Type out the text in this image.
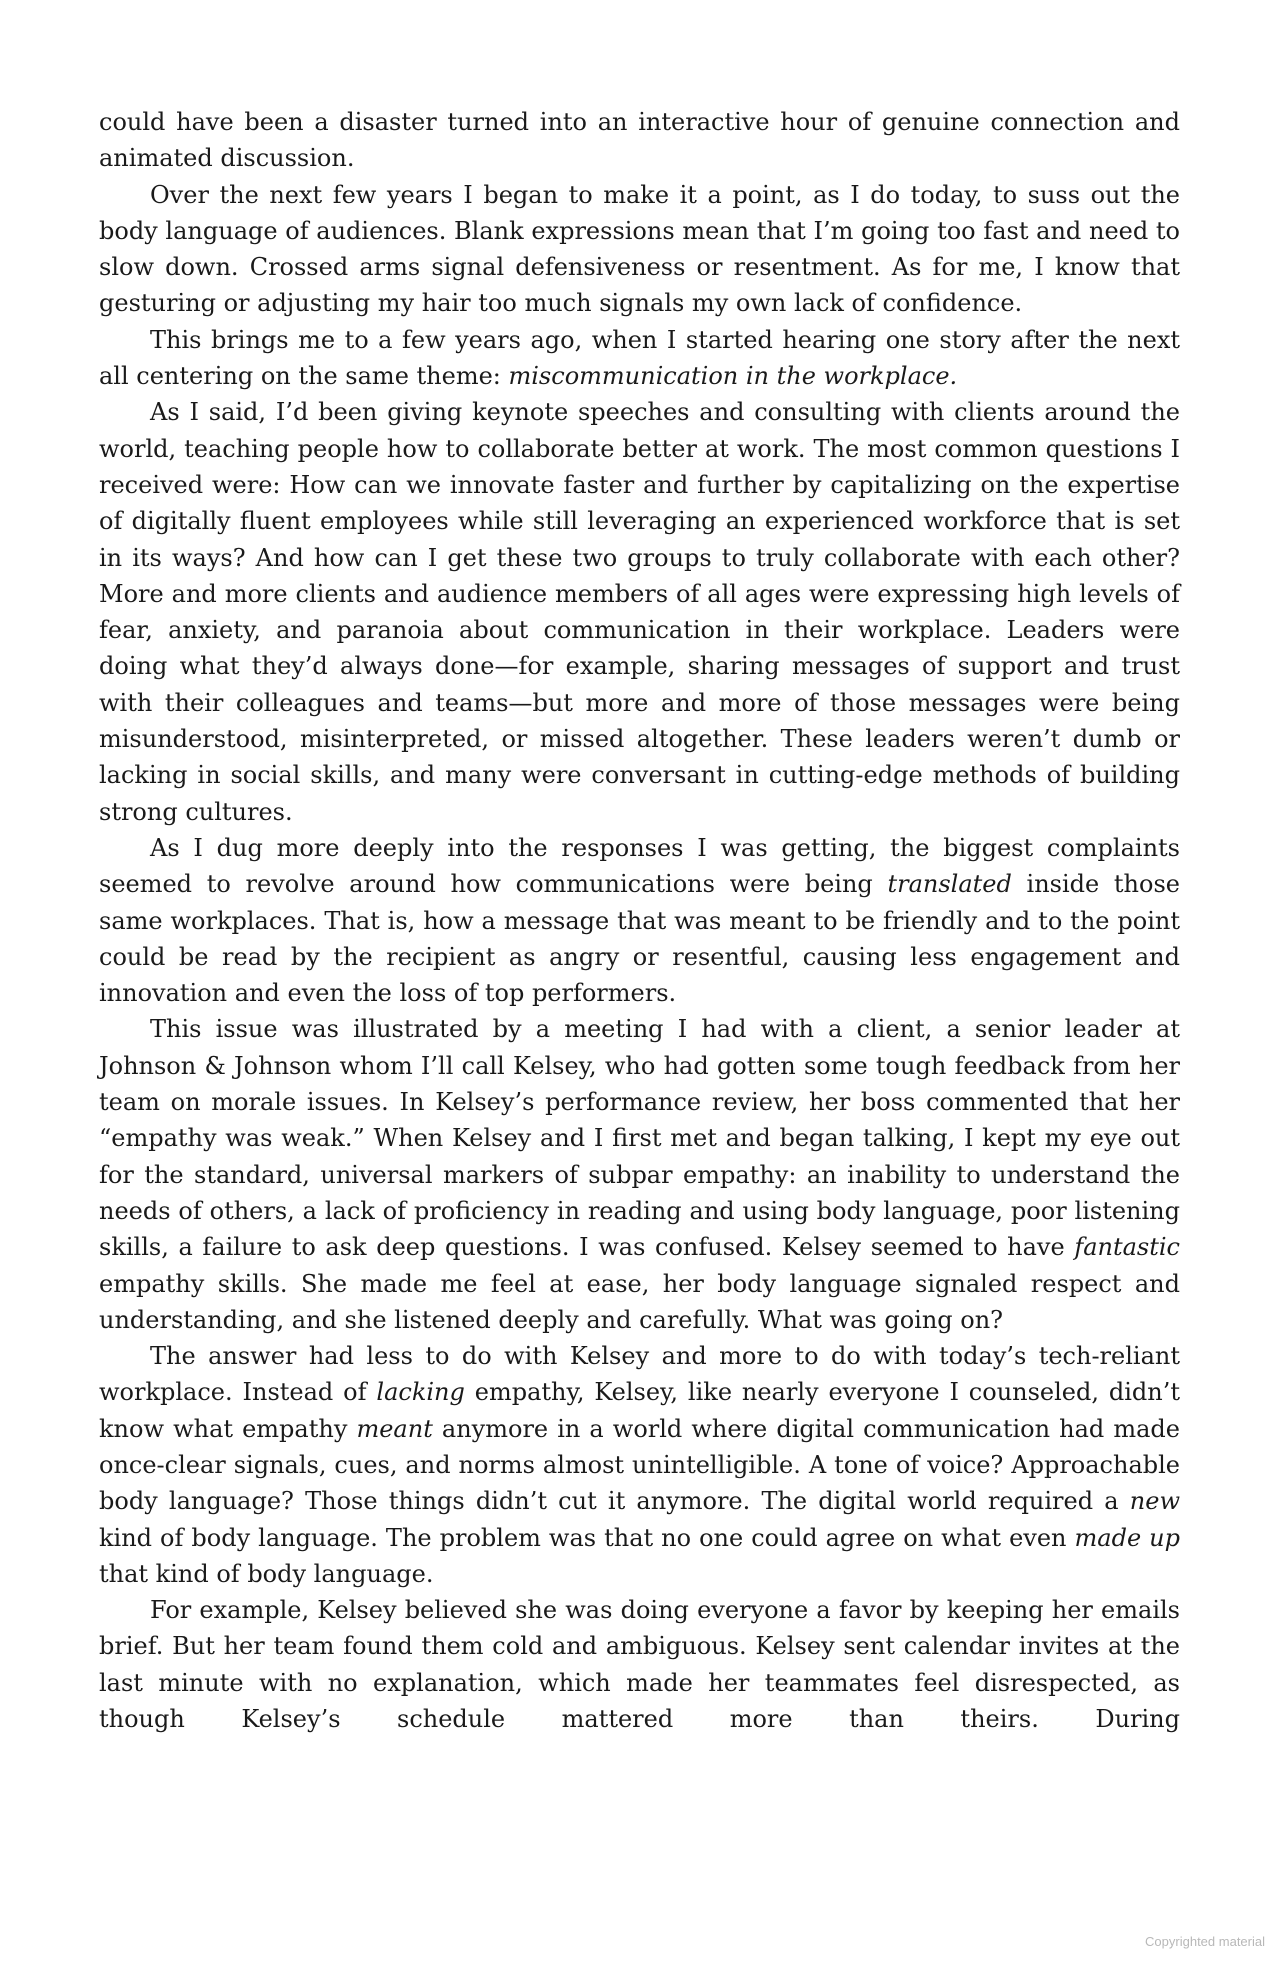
could have been a disaster turned into an interactive hour of genuine connection and animated discussion.

Over the next few years I began to make it a point, as I do today, to suss out the body language of audiences. Blank expressions mean that I’m going too fast and need to slow down. Crossed arms signal defensiveness or resentment. As for me, I know that gesturing or adjusting my hair too much signals my own lack of confidence.

This brings me to a few years ago, when I started hearing one story after the next all centering on the same theme: miscommunication in the workplace.

As I said, I’d been giving keynote speeches and consulting with clients around the world, teaching people how to collaborate better at work. The most common questions I received were: How can we innovate faster and further by capitalizing on the expertise of digitally fluent employees while still leveraging an experienced workforce that is set in its ways? And how can I get these two groups to truly collaborate with each other? More and more clients and audience members of all ages were expressing high levels of fear, anxiety, and paranoia about communication in their workplace. Leaders were doing what they’d always done—for example, sharing messages of support and trust with their colleagues and teams—but more and more of those messages were being misunderstood, misinterpreted, or missed altogether. These leaders weren’t dumb or lacking in social skills, and many were conversant in cutting-edge methods of building strong cultures.

As I dug more deeply into the responses I was getting, the biggest complaints seemed to revolve around how communications were being translated inside those same workplaces. That is, how a message that was meant to be friendly and to the point could be read by the recipient as angry or resentful, causing less engagement and innovation and even the loss of top performers.

This issue was illustrated by a meeting I had with a client, a senior leader at Johnson & Johnson whom I’ll call Kelsey, who had gotten some tough feedback from her team on morale issues. In Kelsey’s performance review, her boss commented that her “empathy was weak.” When Kelsey and I first met and began talking, I kept my eye out for the standard, universal markers of subpar empathy: an inability to understand the needs of others, a lack of proficiency in reading and using body language, poor listening skills, a failure to ask deep questions. I was confused. Kelsey seemed to have fantastic empathy skills. She made me feel at ease, her body language signaled respect and understanding, and she listened deeply and carefully. What was going on?

The answer had less to do with Kelsey and more to do with today’s tech-reliant workplace. Instead of lacking empathy, Kelsey, like nearly everyone I counseled, didn’t know what empathy meant anymore in a world where digital communication had made once-clear signals, cues, and norms almost unintelligible. A tone of voice? Approachable body language? Those things didn’t cut it anymore. The digital world required a new kind of body language. The problem was that no one could agree on what even made up that kind of body language.

For example, Kelsey believed she was doing everyone a favor by keeping her emails brief. But her team found them cold and ambiguous. Kelsey sent calendar invites at the last minute with no explanation, which made her teammates feel disrespected, as though Kelsey’s schedule mattered more than theirs. During

Copyrighted material
